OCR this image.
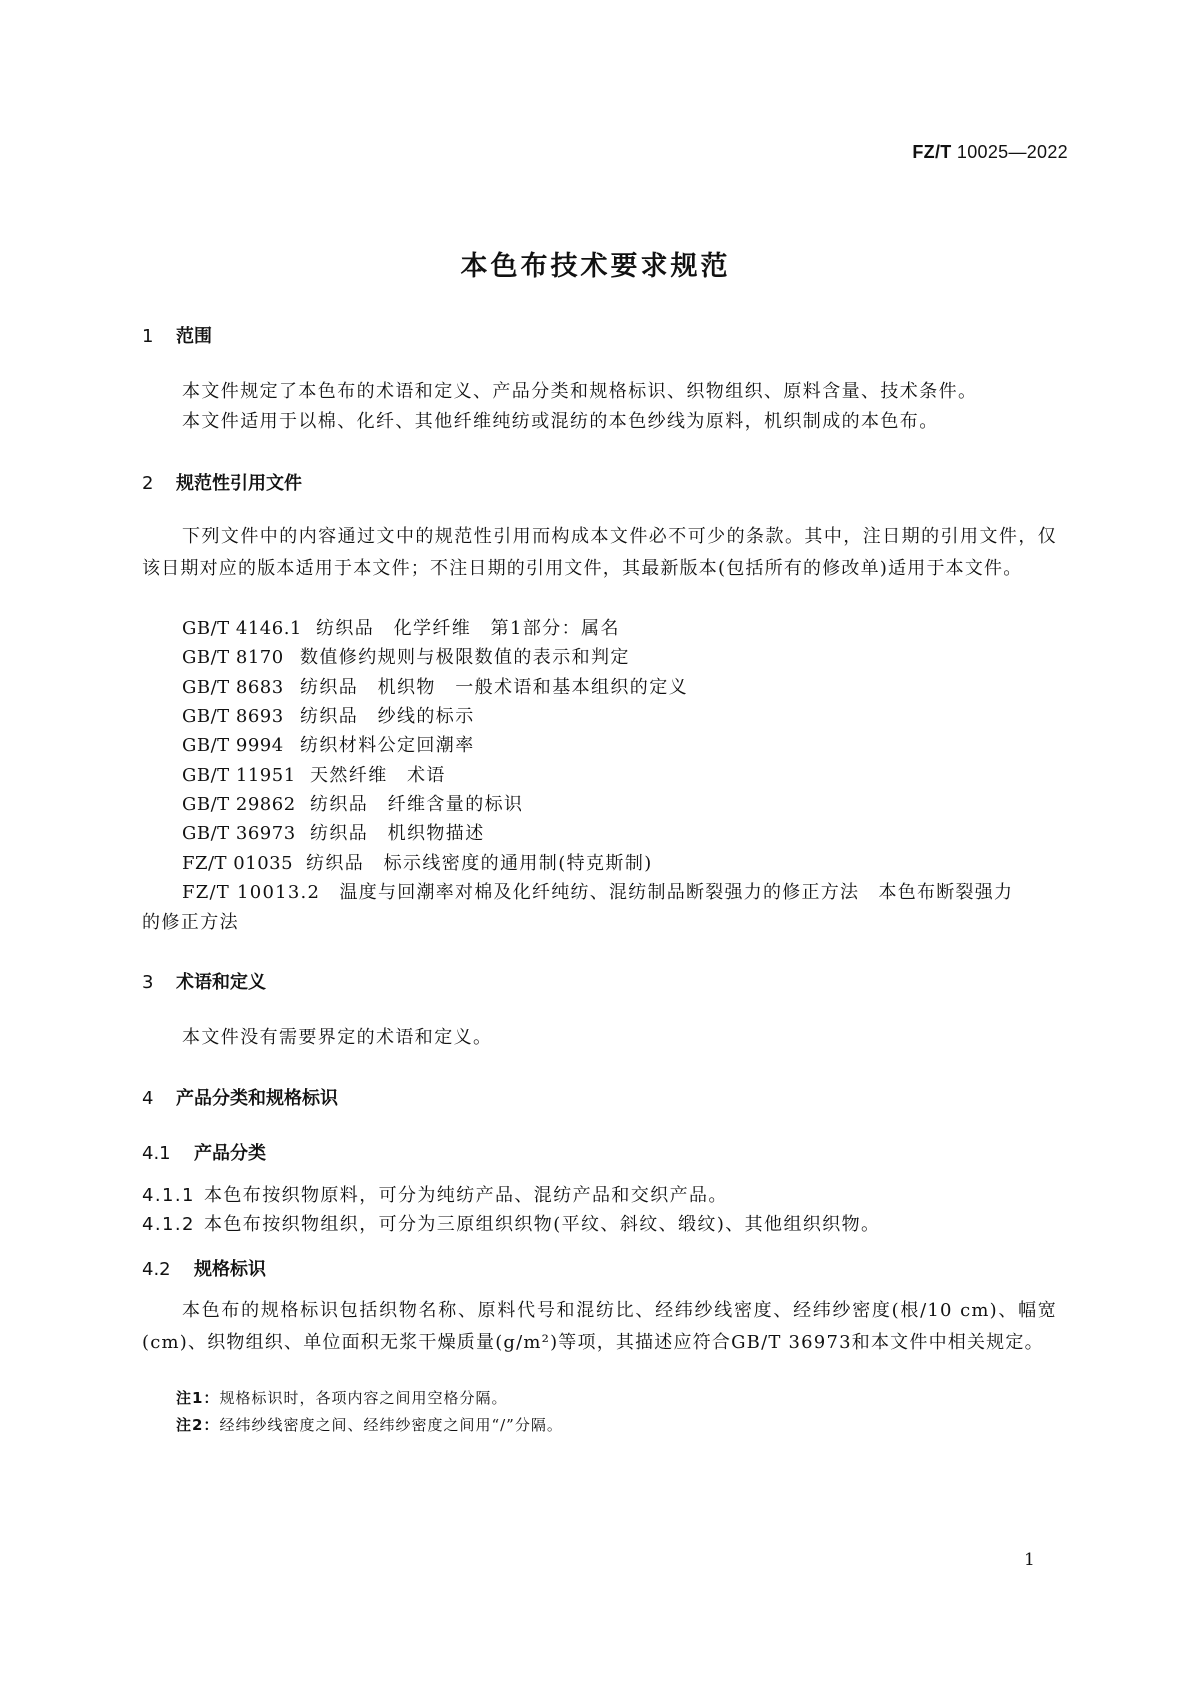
FZ/T 10025—2022
本色布技术要求规范
1 范围
本文件规定了本色布的术语和定义、产品分类和规格标识、织物组织、原料含量、技术条件。
本文件适用于以棉、化纤、其他纤维纯纺或混纺的本色纱线为原料，机织制成的本色布。
2 规范性引用文件
下列文件中的内容通过文中的规范性引用而构成本文件必不可少的条款。其中，注日期的引用文件，仅该日期对应的版本适用于本文件；不注日期的引用文件，其最新版本(包括所有的修改单)适用于本文件。
GB/T 4146.1 纺织品　化学纤维　第1部分：属名
GB/T 8170 数值修约规则与极限数值的表示和判定
GB/T 8683 纺织品　机织物　一般术语和基本组织的定义
GB/T 8693 纺织品　纱线的标示
GB/T 9994 纺织材料公定回潮率
GB/T 11951 天然纤维　术语
GB/T 29862 纺织品　纤维含量的标识
GB/T 36973 纺织品　机织物描述
FZ/T 01035 纺织品　标示线密度的通用制(特克斯制)
FZ/T 10013.2　温度与回潮率对棉及化纤纯纺、混纺制品断裂强力的修正方法　本色布断裂强力
的修正方法
3 术语和定义
本文件没有需要界定的术语和定义。
4 产品分类和规格标识
4.1 产品分类
4.1.1 本色布按织物原料，可分为纯纺产品、混纺产品和交织产品。
4.1.2 本色布按织物组织，可分为三原组织织物(平纹、斜纹、缎纹)、其他组织织物。
4.2 规格标识
本色布的规格标识包括织物名称、原料代号和混纺比、经纬纱线密度、经纬纱密度(根/10 cm)、幅宽(cm)、织物组织、单位面积无浆干燥质量(g/m²)等项，其描述应符合GB/T 36973和本文件中相关规定。
注1：规格标识时，各项内容之间用空格分隔。
注2：经纬纱线密度之间、经纬纱密度之间用“/”分隔。
1
